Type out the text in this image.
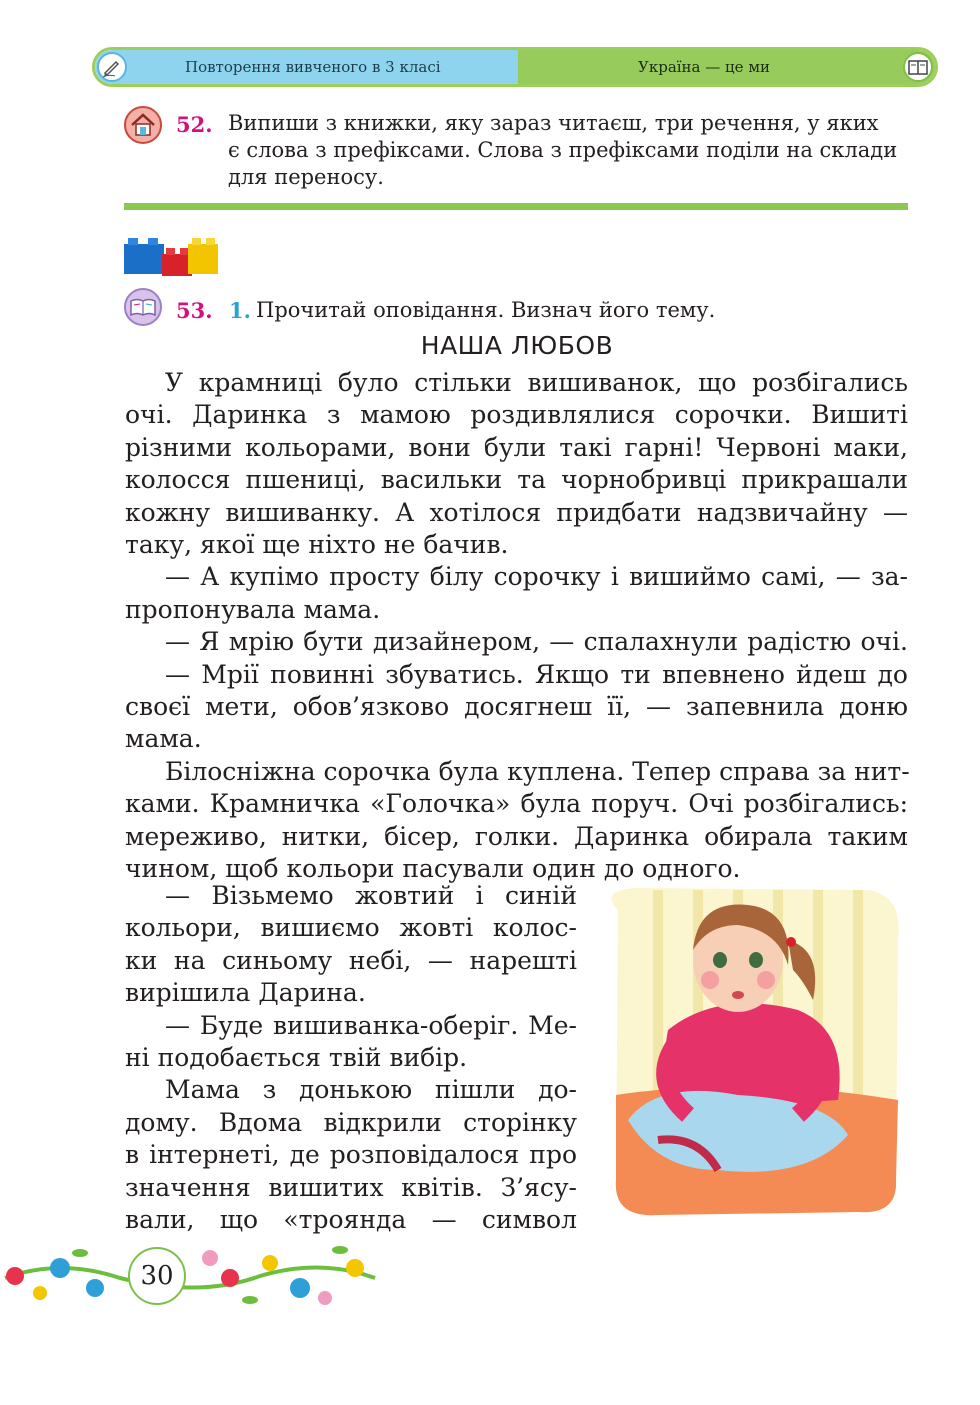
Повторення вивченого в 3 класі	Україна — це ми
52. Випиши з книжки, яку зараз читаєш, три речення, у яких
є слова з префіксами. Слова з префіксами поділи на склади
для переносу.
53. 1. Прочитай оповідання. Визнач його тему.
НАША ЛЮБОВ
У крамниці було стільки вишиванок, що розбігались
очі. Даринка з мамою роздивлялися сорочки. Вишиті
різними кольорами, вони були такі гарні! Червоні маки,
колосся пшениці, васильки та чорнобривці прикрашали
кожну вишиванку. А хотілося придбати надзвичайну —
таку, якої ще ніхто не бачив.
— А купімо просту білу сорочку і вишиймо самі, — за-
пропонувала мама.
— Я мрію бути дизайнером, — спалахнули радістю очі.
— Мрії повинні збуватись. Якщо ти впевнено йдеш до
своєї мети, обов’язково досягнеш її, — запевнила доню
мама.
Білосніжна сорочка була куплена. Тепер справа за нит-
ками. Крамничка «Голочка» була поруч. Очі розбігались:
мереживо, нитки, бісер, голки. Даринка обирала таким
чином, щоб кольори пасували один до одного.
— Візьмемо жовтий і синій
кольори, вишиємо жовті колос-
ки на синьому небі, — нарешті
вирішила Дарина.
— Буде вишиванка-оберіг. Ме-
ні подобається твій вибір.
Мама з донькою пішли до-
дому. Вдома відкрили сторінку
в інтернеті, де розповідалося про
значення вишитих квітів. З’ясу-
вали, що «троянда — символ
30
